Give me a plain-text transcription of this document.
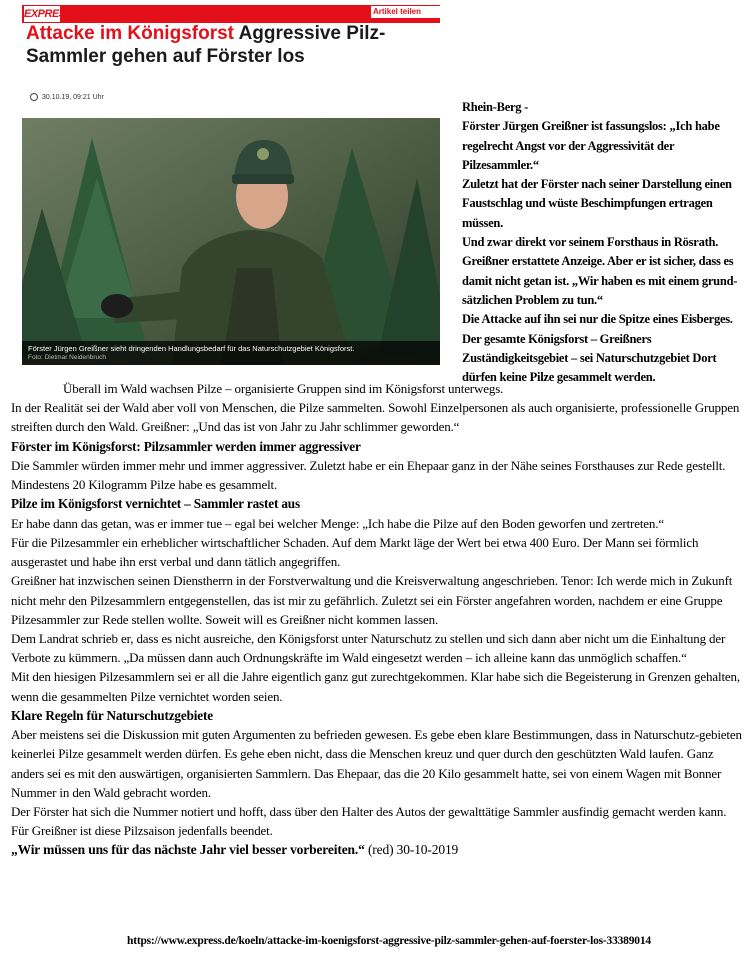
EXPRESS	Artikel teilen
Attacke im Königsforst Aggressive Pilz-Sammler gehen auf Förster los
30.10.19, 09:21 Uhr
Förster Jürgen Greißner sieht dringenden Handlungsbedarf für das Naturschutzgebiet Königsforst.
Foto: Dietmar Neidenbruch

Rhein-Berg -

Förster Jürgen Greißner ist fassungslos: „Ich habe regelrecht Angst vor der Aggressivität der Pilzesammler.“

Zuletzt hat der Förster nach seiner Darstellung einen Faustschlag und wüste Beschimpfungen ertragen müssen.

Und zwar direkt vor seinem Forsthaus in Rösrath.

Greißner erstattete Anzeige. Aber er ist sicher, dass es damit nicht getan ist. „Wir haben es mit einem grund-sätzlichen Problem zu tun.“

Die Attacke auf ihn sei nur die Spitze eines Eisberges.

Der gesamte Königsforst – Greißners Zuständigkeitsgebiet – sei Naturschutzgebiet Dort dürfen keine Pilze gesammelt werden.

Überall im Wald wachsen Pilze – organisierte Gruppen sind im Königsforst unterwegs.

In der Realität sei der Wald aber voll von Menschen, die Pilze sammelten. Sowohl Einzelpersonen als auch organisierte, professionelle Gruppen streiften durch den Wald. Greißner: „Und das ist von Jahr zu Jahr schlimmer geworden.“

Förster im Königsforst: Pilzsammler werden immer aggressiver

Die Sammler würden immer mehr und immer aggressiver. Zuletzt habe er ein Ehepaar ganz in der Nähe seines Forsthauses zur Rede gestellt. Mindestens 20 Kilogramm Pilze habe es gesammelt.

Pilze im Königsforst vernichtet – Sammler rastet aus

Er habe dann das getan, was er immer tue – egal bei welcher Menge: „Ich habe die Pilze auf den Boden geworfen und zertreten.“

Für die Pilzesammler ein erheblicher wirtschaftlicher Schaden. Auf dem Markt läge der Wert bei etwa 400 Euro. Der Mann sei förmlich ausgerastet und habe ihn erst verbal und dann tätlich angegriffen.

Greißner hat inzwischen seinen Dienstherrn in der Forstverwaltung und die Kreisverwaltung angeschrieben. Tenor: Ich werde mich in Zukunft nicht mehr den Pilzesammlern entgegenstellen, das ist mir zu gefährlich. Zuletzt sei ein Förster angefahren worden, nachdem er eine Gruppe Pilzesammler zur Rede stellen wollte. Soweit will es Greißner nicht kommen lassen.

Dem Landrat schrieb er, dass es nicht ausreiche, den Königsforst unter Naturschutz zu stellen und sich dann aber nicht um die Einhaltung der Verbote zu kümmern. „Da müssen dann auch Ordnungskräfte im Wald eingesetzt werden – ich alleine kann das unmöglich schaffen.“

Mit den hiesigen Pilzesammlern sei er all die Jahre eigentlich ganz gut zurechtgekommen. Klar habe sich die Begeisterung in Grenzen gehalten, wenn die gesammelten Pilze vernichtet worden seien.

Klare Regeln für Naturschutzgebiete

Aber meistens sei die Diskussion mit guten Argumenten zu befrieden gewesen. Es gebe eben klare Bestimmungen, dass in Naturschutz-gebieten keinerlei Pilze gesammelt werden dürfen. Es gehe eben nicht, dass die Menschen kreuz und quer durch den geschützten Wald laufen. Ganz anders sei es mit den auswärtigen, organisierten Sammlern. Das Ehepaar, das die 20 Kilo gesammelt hatte, sei von einem Wagen mit Bonner Nummer in den Wald gebracht worden.

Der Förster hat sich die Nummer notiert und hofft, dass über den Halter des Autos der gewalttätige Sammler ausfindig gemacht werden kann. Für Greißner ist diese Pilzsaison jedenfalls beendet.

„Wir müssen uns für das nächste Jahr viel besser vorbereiten.“ (red) 30-10-2019

https://www.express.de/koeln/attacke-im-koenigsforst-aggressive-pilz-sammler-gehen-auf-foerster-los-33389014
